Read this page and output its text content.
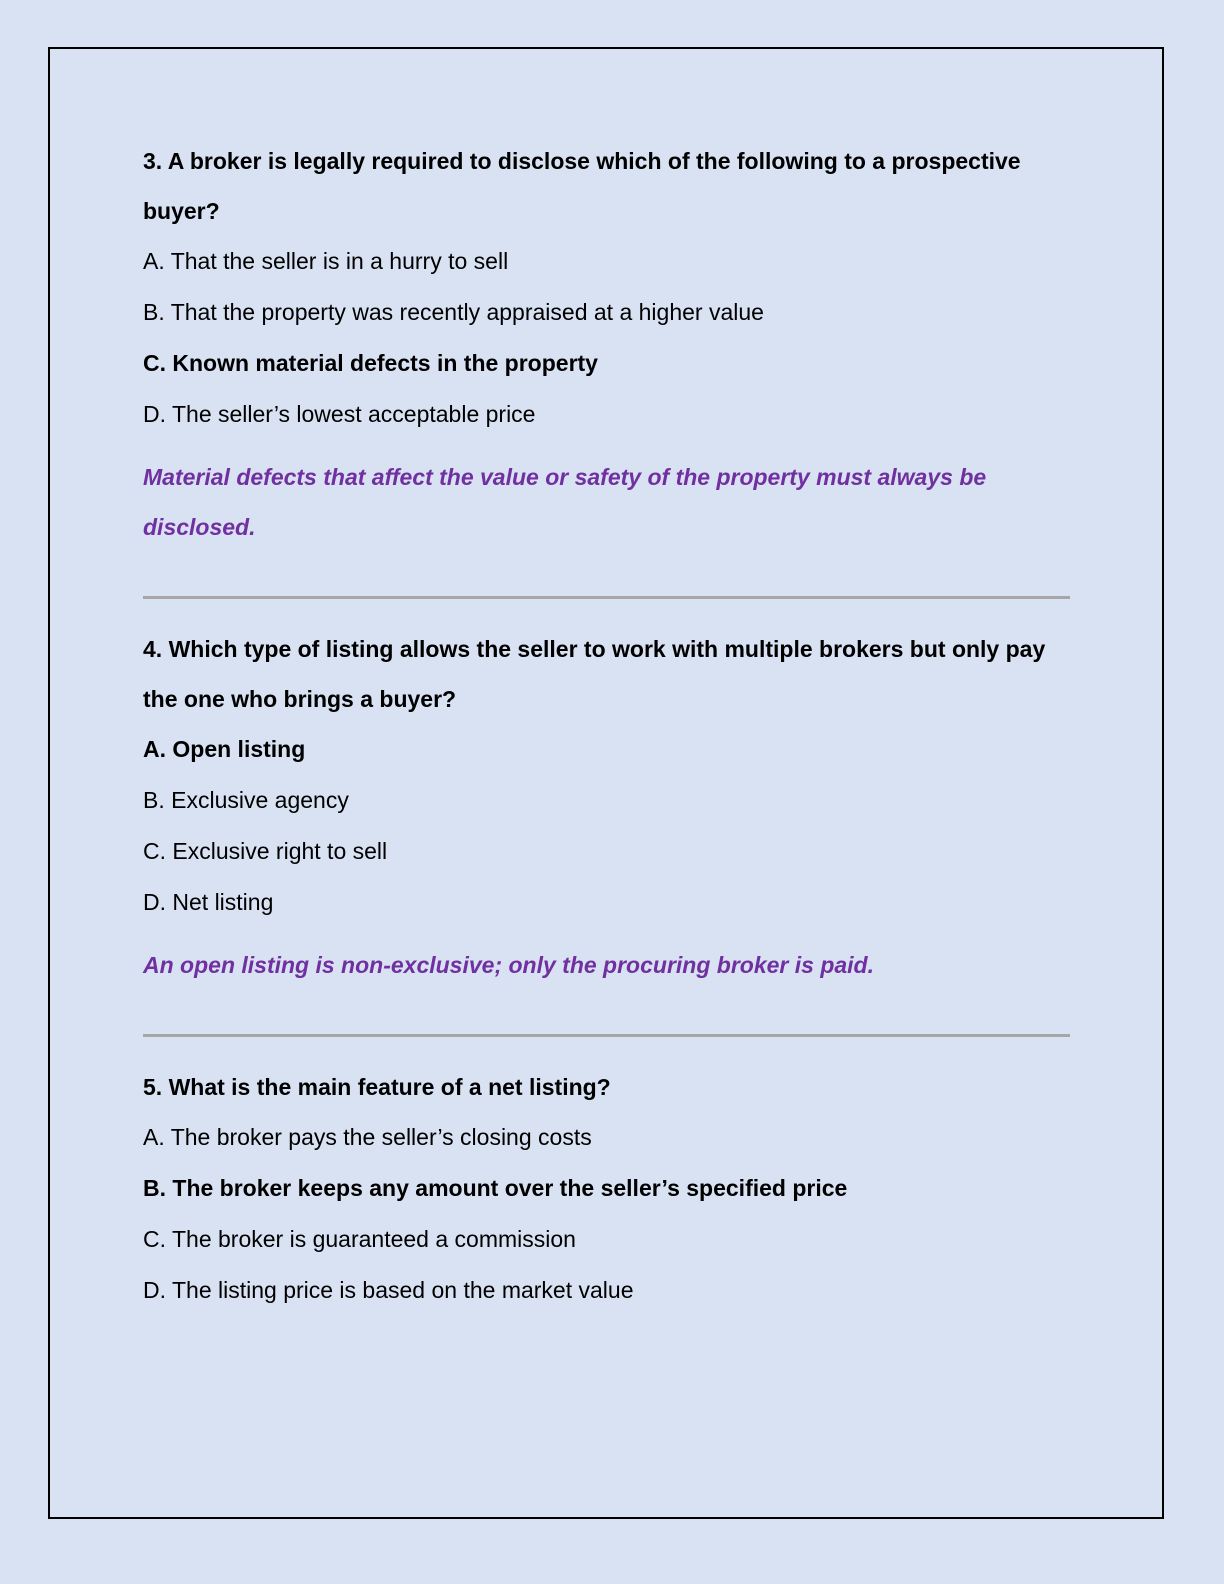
3. A broker is legally required to disclose which of the following to a prospective buyer?

A. That the seller is in a hurry to sell

B. That the property was recently appraised at a higher value

C. Known material defects in the property

D. The seller’s lowest acceptable price

Material defects that affect the value or safety of the property must always be disclosed.

4. Which type of listing allows the seller to work with multiple brokers but only pay the one who brings a buyer?

A. Open listing

B. Exclusive agency

C. Exclusive right to sell

D. Net listing

An open listing is non-exclusive; only the procuring broker is paid.

5. What is the main feature of a net listing?

A. The broker pays the seller’s closing costs

B. The broker keeps any amount over the seller’s specified price

C. The broker is guaranteed a commission

D. The listing price is based on the market value
